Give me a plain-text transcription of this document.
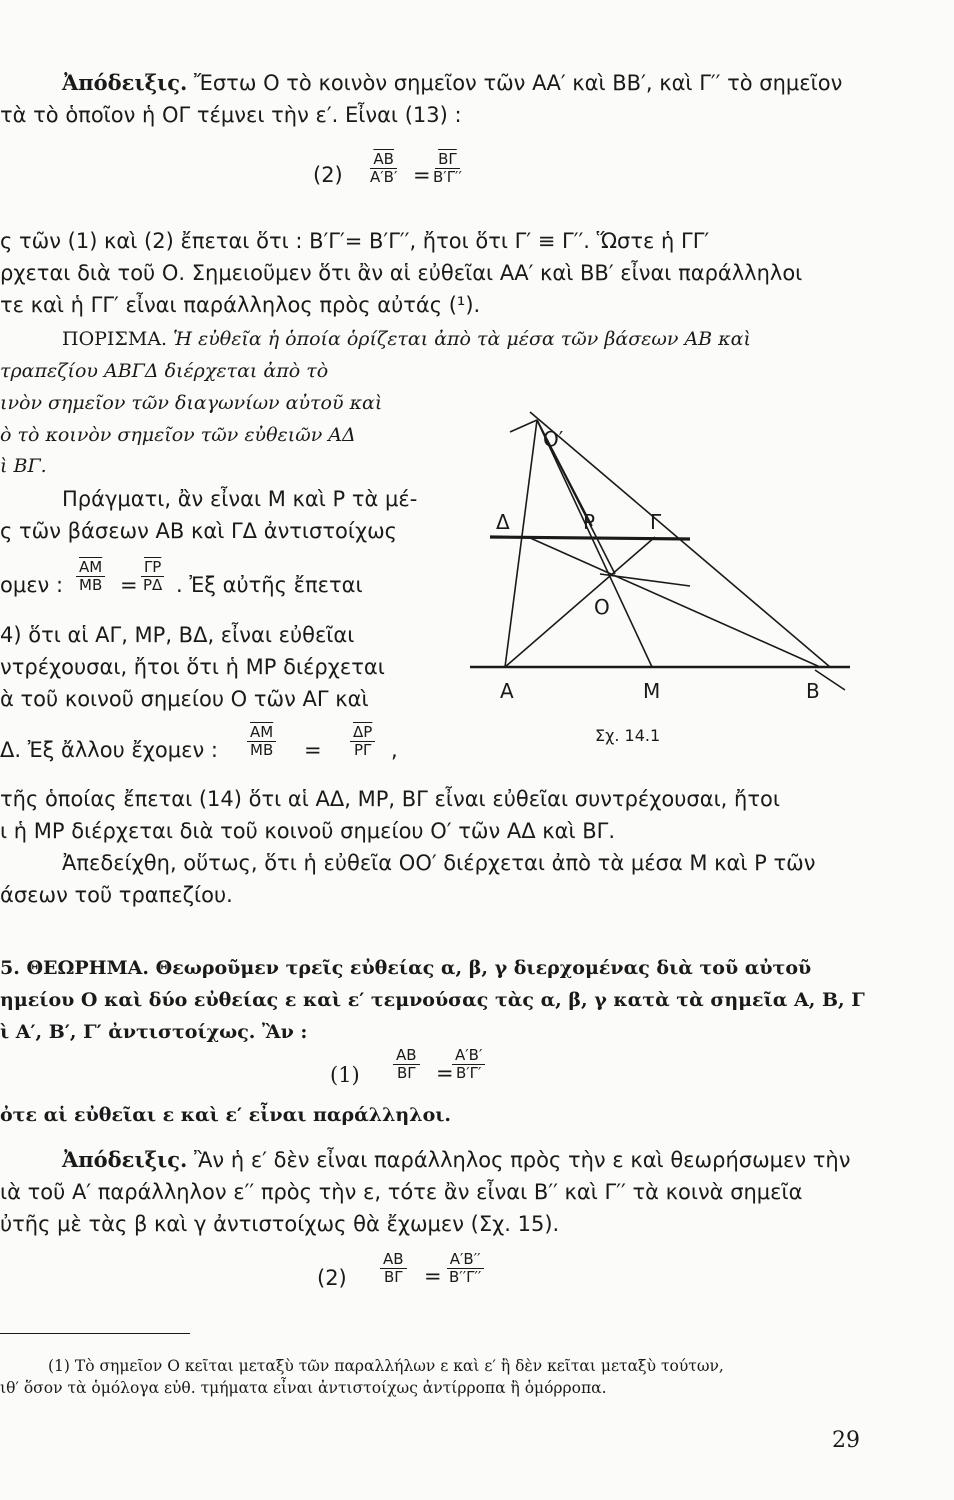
Ἀπόδειξις. Ἔστω Ο τὸ κοινὸν σημεῖον τῶν ΑΑ′ καὶ ΒΒ′, καὶ Γ′′ τὸ σημεῖον
τὰ τὸ ὁποῖον ἡ ΟΓ τέμνει τὴν ε′. Εἶναι (13) :
$(2) \frac{\overline{AB}}{A'B'} = \frac{\overline{B\Gamma}}{B'\Gamma''}$
ς τῶν (1) καὶ (2) ἔπεται ὅτι : Β′Γ′= Β′Γ′′, ἤτοι ὅτι Γ′ ≡ Γ′′. Ὥστε ἡ ΓΓ′
ρχεται διὰ τοῦ Ο. Σημειοῦμεν ὅτι ἂν αἱ εὐθεῖαι ΑΑ′ καὶ ΒΒ′ εἶναι παράλληλοι
τε καὶ ἡ ΓΓ′ εἶναι παράλληλος πρὸς αὐτάς (¹).
ΠΟΡΙΣΜΑ. Ἡ εὐθεῖα ἡ ὁποία ὁρίζεται ἀπὸ τὰ μέσα τῶν βάσεων ΑΒ καὶ
τραπεζίου ΑΒΓΔ διέρχεται ἀπὸ τὸ
ινὸν σημεῖον τῶν διαγωνίων αὐτοῦ καὶ
ὸ τὸ κοινὸν σημεῖον τῶν εὐθειῶν ΑΔ
ὶ ΒΓ.
Πράγματι, ἂν εἶναι Μ καὶ Ρ τὰ μέ-
ς τῶν βάσεων ΑΒ καὶ ΓΔ ἀντιστοίχως
ομεν : $\frac{\overline{AM}}{MB} = \frac{\overline{\Gamma P}}{P\Delta}$ . Ἐξ αὐτῆς ἔπεται
4) ὅτι αἱ ΑΓ, ΜΡ, ΒΔ, εἶναι εὐθεῖαι
ντρέχουσαι, ἤτοι ὅτι ἡ ΜΡ διέρχεται
ὰ τοῦ κοινοῦ σημείου Ο τῶν ΑΓ καὶ
Δ. Ἐξ ἄλλου ἔχομεν : $\frac{\overline{AM}}{MB} = \frac{\overline{\Delta P}}{P\Gamma}$ ,
τῆς ὁποίας ἔπεται (14) ὅτι αἱ ΑΔ, ΜΡ, ΒΓ εἶναι εὐθεῖαι συντρέχουσαι, ἤτοι
ι ἡ ΜΡ διέρχεται διὰ τοῦ κοινοῦ σημείου Ο′ τῶν ΑΔ καὶ ΒΓ.
Ἀπεδείχθη, οὕτως, ὅτι ἡ εὐθεῖα ΟΟ′ διέρχεται ἀπὸ τὰ μέσα Μ καὶ Ρ τῶν
άσεων τοῦ τραπεζίου.
Ο′
Δ	Ρ	Γ
Ο
Α	Μ	Β
Σχ. 14.1
5. ΘΕΩΡΗΜΑ. Θεωροῦμεν τρεῖς εὐθείας α, β, γ διερχομένας διὰ τοῦ αὐτοῦ
ημείου Ο καὶ δύο εὐθείας ε καὶ ε′ τεμνούσας τὰς α, β, γ κατὰ τὰ σημεῖα Α, Β, Γ
ὶ Α′, Β′, Γ′ ἀντιστοίχως. Ἂν :
$(1) \frac{AB}{B\Gamma}$ =
$\frac{A'B'}{B'\Gamma'}$
ὀτε αἱ εὐθεῖαι ε καὶ ε′ εἶναι παράλληλοι.
Ἀπόδειξις. Ἂν ἡ ε′ δὲν εἶναι παράλληλος πρὸς τὴν ε καὶ θεωρήσωμεν τὴν
ιὰ τοῦ Α′ παράλληλον ε′′ πρὸς τὴν ε, τότε ἂν εἶναι Β′′ καὶ Γ′′ τὰ κοινὰ σημεῖα
ὐτῆς μὲ τὰς β καὶ γ ἀντιστοίχως θὰ ἔχωμεν (Σχ. 15).
$(2) \frac{AB}{B\Gamma} = \frac{A'B''}{B''\Gamma''}$
(1) Τὸ σημεῖον Ο κεῖται μεταξὺ τῶν παραλλήλων ε καὶ ε′ ἢ δὲν κεῖται μεταξὺ τούτων,
ιθ′ ὅσον τὰ ὁμόλογα εὐθ. τμήματα εἶναι ἀντιστοίχως ἀντίρροπα ἢ ὁμόρροπα.
29
